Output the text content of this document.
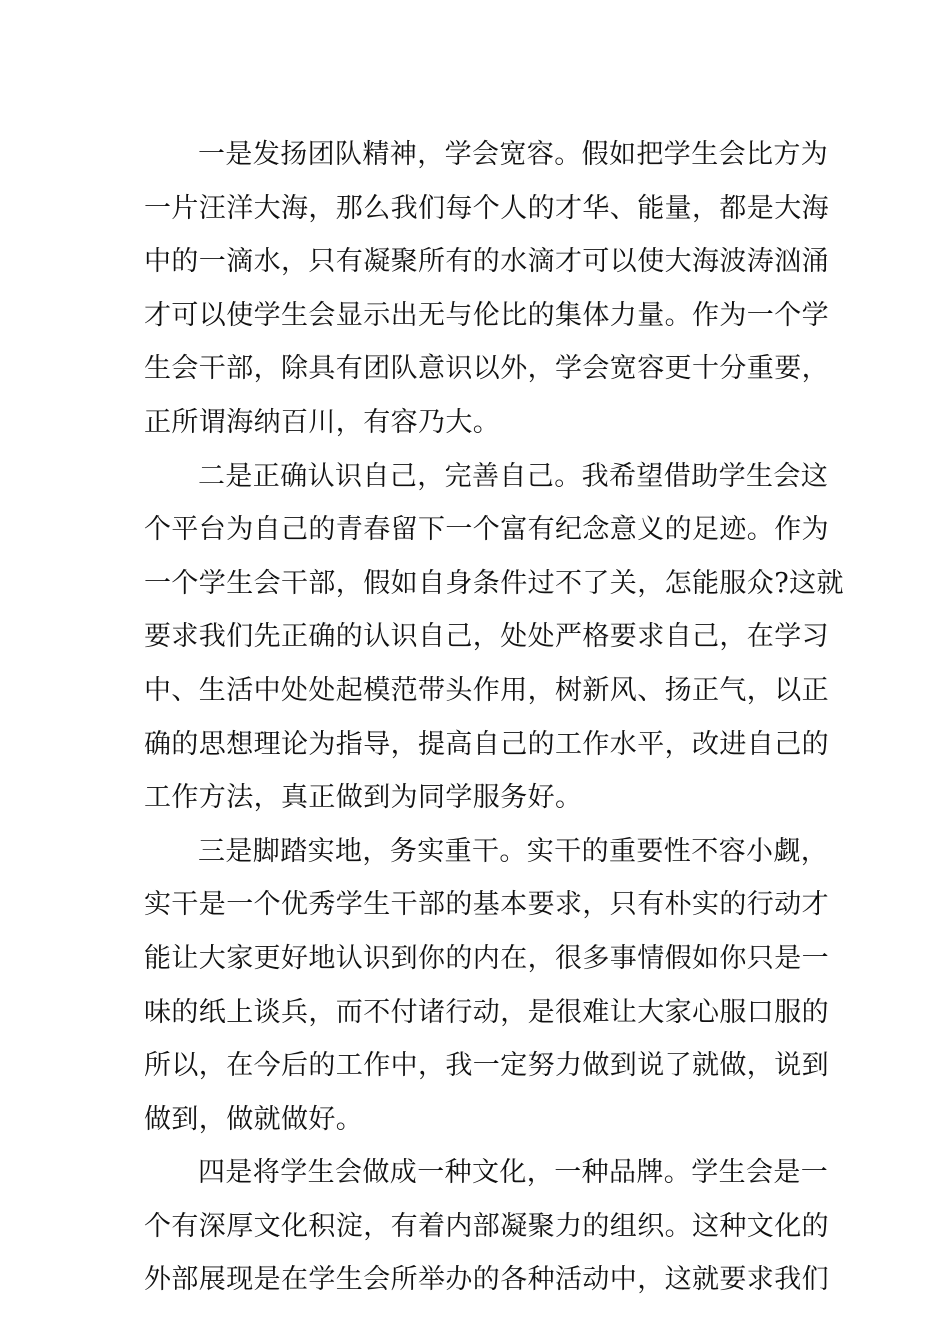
一是发扬团队精神，学会宽容。假如把学生会比方为
一片汪洋大海，那么我们每个人的才华、能量，都是大海
中的一滴水，只有凝聚所有的水滴才可以使大海波涛汹涌
才可以使学生会显示出无与伦比的集体力量。作为一个学
生会干部，除具有团队意识以外，学会宽容更十分重要，
正所谓海纳百川，有容乃大。
二是正确认识自己，完善自己。我希望借助学生会这
个平台为自己的青春留下一个富有纪念意义的足迹。作为
一个学生会干部，假如自身条件过不了关，怎能服众?这就
要求我们先正确的认识自己，处处严格要求自己，在学习
中、生活中处处起模范带头作用，树新风、扬正气，以正
确的思想理论为指导，提高自己的工作水平，改进自己的
工作方法，真正做到为同学服务好。
三是脚踏实地，务实重干。实干的重要性不容小觑，
实干是一个优秀学生干部的基本要求，只有朴实的行动才
能让大家更好地认识到你的内在，很多事情假如你只是一
味的纸上谈兵，而不付诸行动，是很难让大家心服口服的
所以，在今后的工作中，我一定努力做到说了就做，说到
做到，做就做好。
四是将学生会做成一种文化，一种品牌。学生会是一
个有深厚文化积淀，有着内部凝聚力的组织。这种文化的
外部展现是在学生会所举办的各种活动中，这就要求我们
